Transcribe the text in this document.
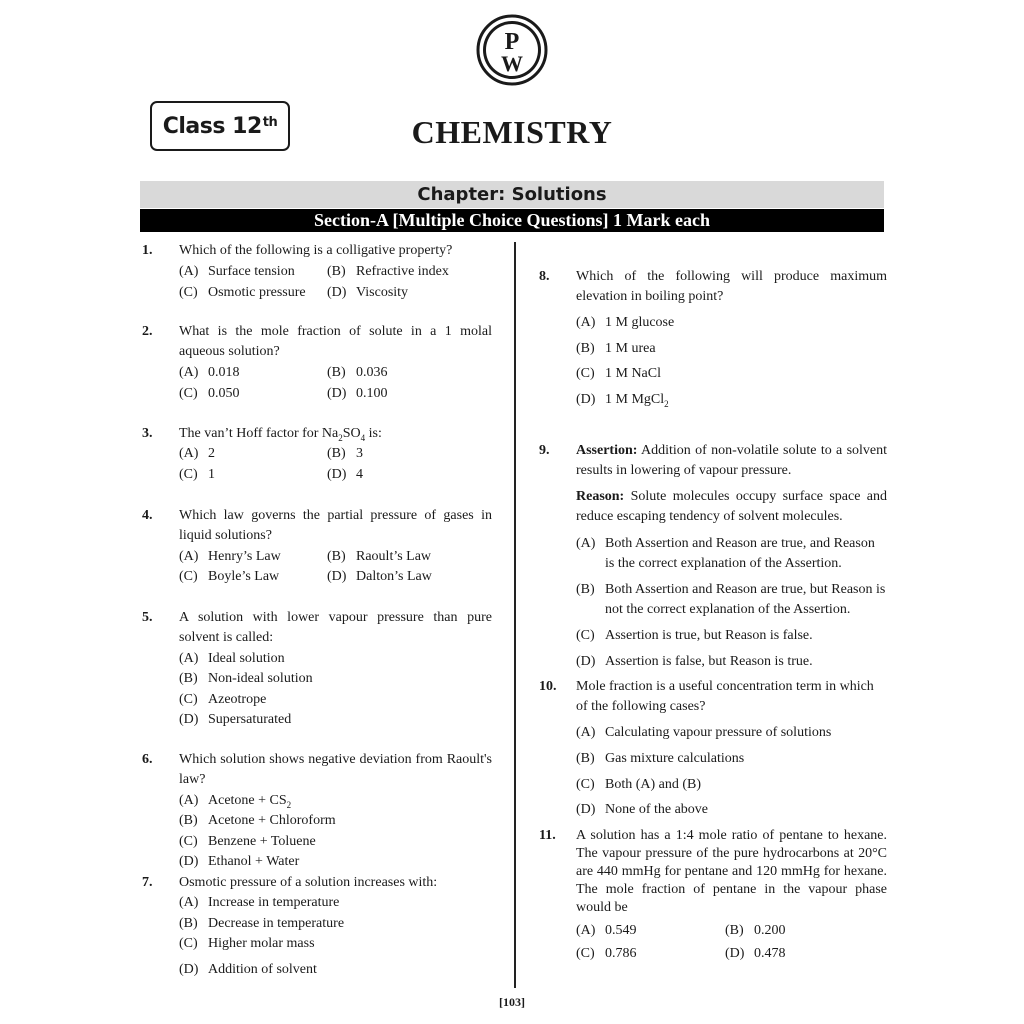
P
W
Class 12th	CHEMISTRY
Chapter: Solutions
Section-A [Multiple Choice Questions] 1 Mark each
1. Which of the following is a colligative property?
(A) Surface tension (B) Refractive index
(C) Osmotic pressure (D) Viscosity
2. What is the mole fraction of solute in a 1 molal aqueous solution?
(A) 0.018	(B) 0.036
(C) 0.050	(D) 0.100
3. The van’t Hoff factor for $Na_2SO_4$ is:
(A) 2	(B) 3
(C) 1	(D) 4
4. Which law governs the partial pressure of gases in liquid solutions?
(A) Henry’s Law	(B) Raoult’s Law
(C) Boyle’s Law	(D) Dalton’s Law
5. A solution with lower vapour pressure than pure solvent is called:
(A) Ideal solution
(B) Non-ideal solution
(C) Azeotrope
(D) Supersaturated
6. Which solution shows negative deviation from Raoult's law?
(A) Acetone + $CS_2$
(B) Acetone + Chloroform
(C) Benzene + Toluene
(D) Ethanol + Water
7. Osmotic pressure of a solution increases with:
(A) Increase in temperature
(B) Decrease in temperature
(C) Higher molar mass
(D) Addition of solvent
8. Which of the following will produce maximum elevation in boiling point?
(A) 1 M glucose
(B) 1 M urea
(C) 1 M NaCl
(D) 1 M MgCl$_2$
9. Assertion: Addition of non-volatile solute to a solvent results in lowering of vapour pressure.
Reason: Solute molecules occupy surface space and reduce escaping tendency of solvent molecules.
(A) Both Assertion and Reason are true, and Reason is the correct explanation of the Assertion.
(B) Both Assertion and Reason are true, but Reason is not the correct explanation of the Assertion.
(C) Assertion is true, but Reason is false.
(D) Assertion is false, but Reason is true.
10. Mole fraction is a useful concentration term in which of the following cases?
(A) Calculating vapour pressure of solutions
(B) Gas mixture calculations
(C) Both (A) and (B)
(D) None of the above
11. A solution has a 1:4 mole ratio of pentane to hexane. The vapour pressure of the pure hydrocarbons at 20°C are 440 mmHg for pentane and 120 mmHg for hexane. The mole fraction of pentane in the vapour phase would be
(A) 0.549	(B) 0.200
(C) 0.786	(D) 0.478
[103]
